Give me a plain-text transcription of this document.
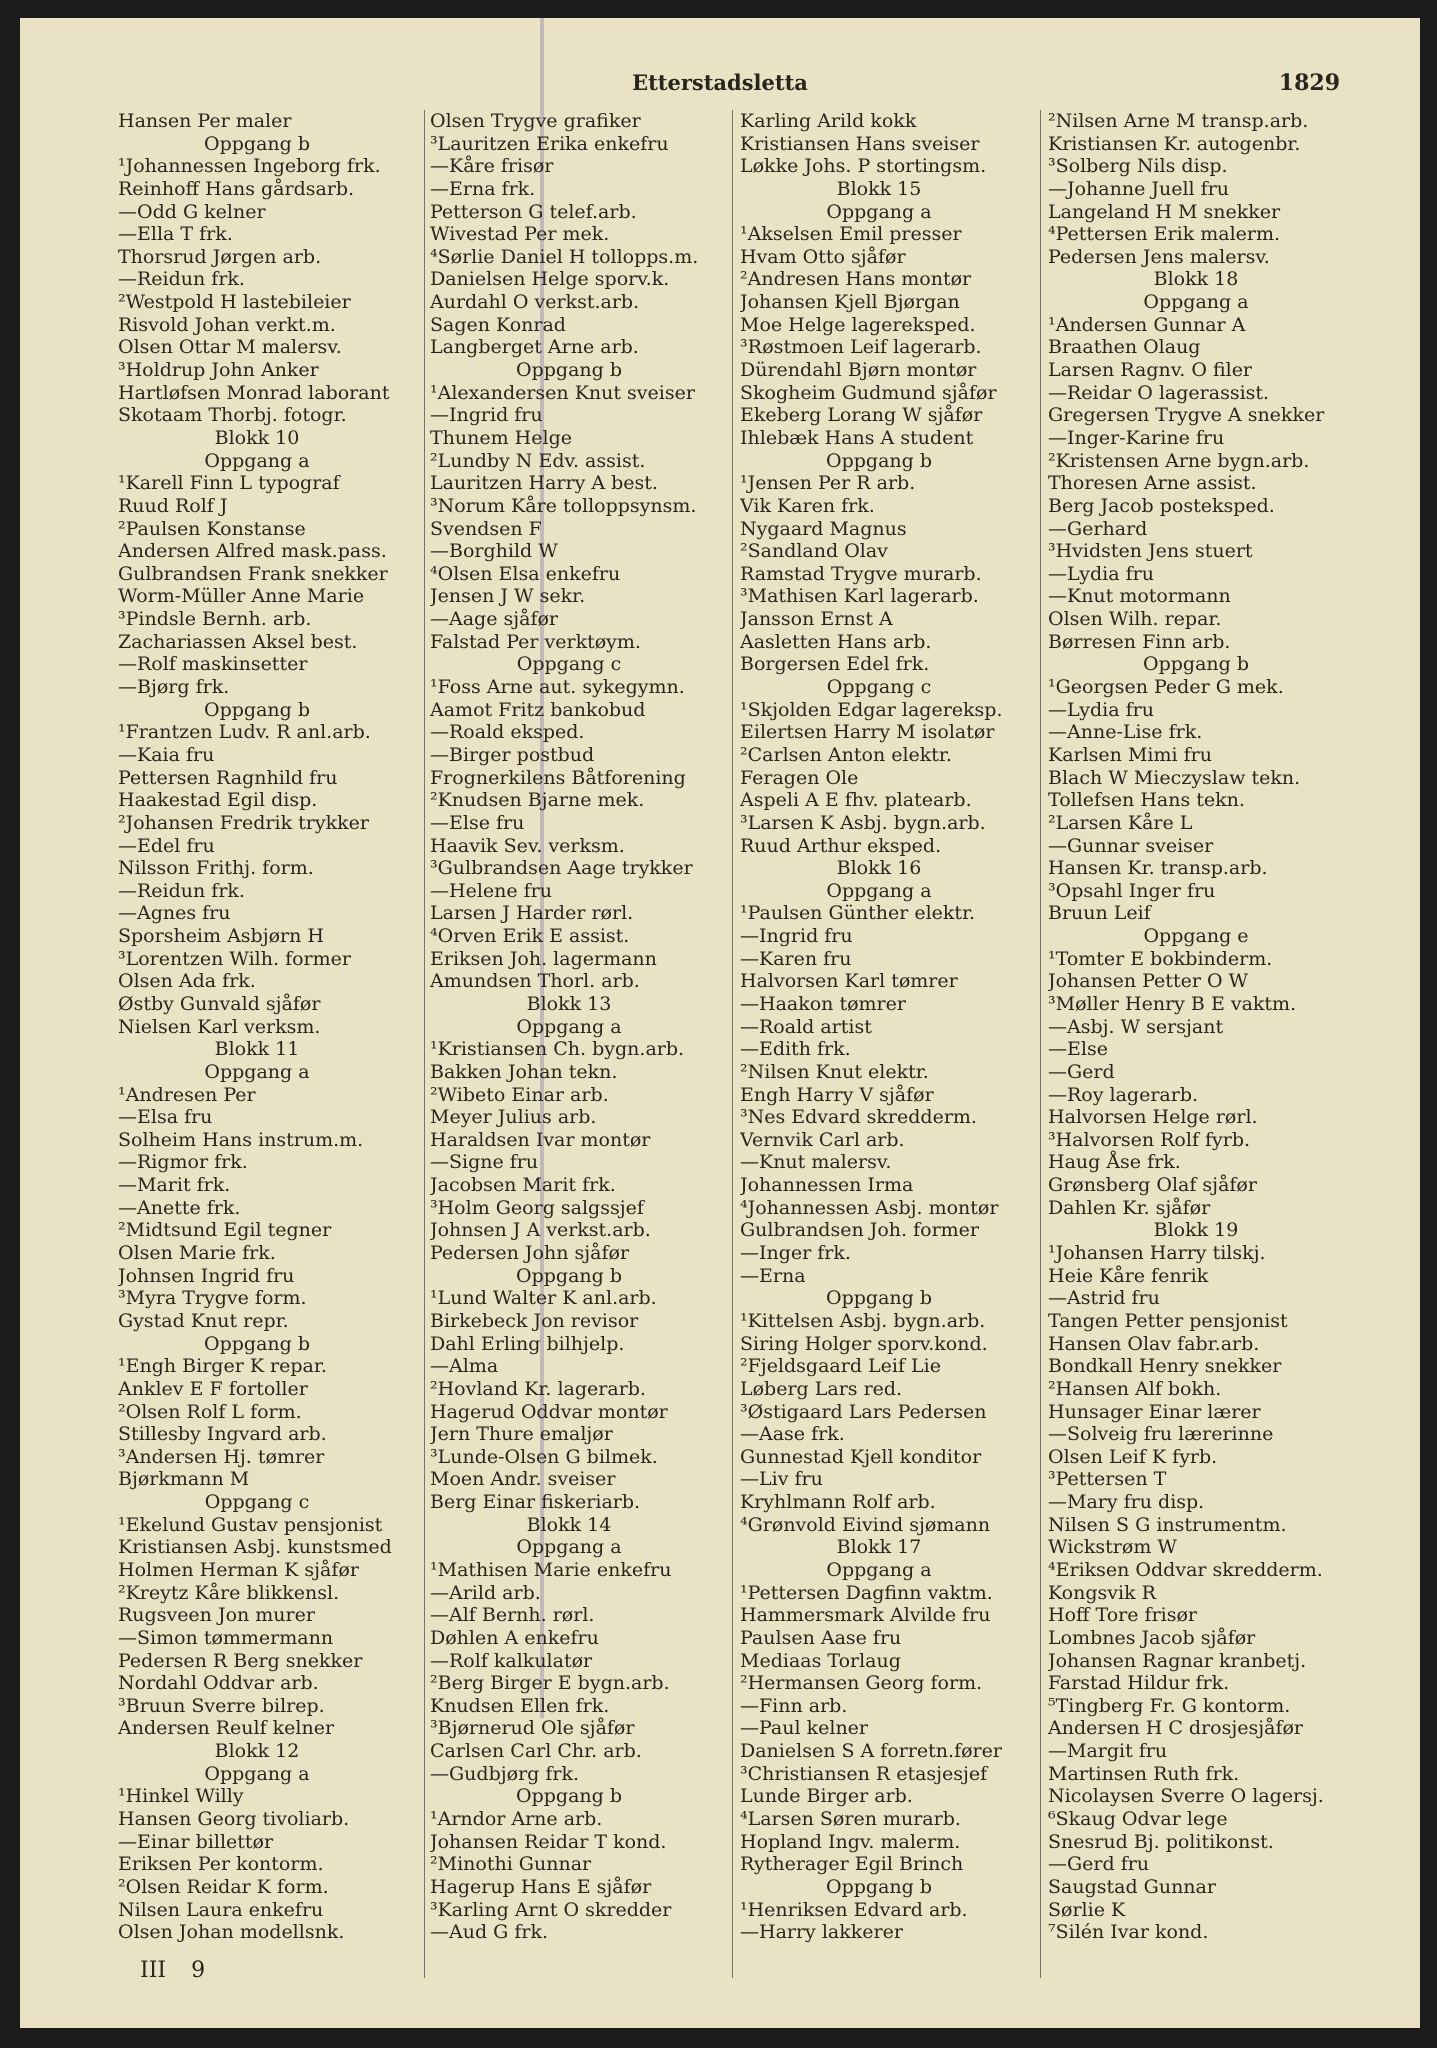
Etterstadsletta	1829
Hansen Per maler
Oppgang b
¹Johannessen Ingeborg frk.
Reinhoff Hans gårdsarb.
—Odd G kelner
—Ella T frk.
Thorsrud Jørgen arb.
—Reidun frk.
²Westpold H lastebileier
Risvold Johan verkt.m.
Olsen Ottar M malersv.
³Holdrup John Anker
Hartløfsen Monrad laborant
Skotaam Thorbj. fotogr.
Blokk 10
Oppgang a
¹Karell Finn L typograf
Ruud Rolf J
²Paulsen Konstanse
Andersen Alfred mask.pass.
Gulbrandsen Frank snekker
Worm-Müller Anne Marie
³Pindsle Bernh. arb.
Zachariassen Aksel best.
—Rolf maskinsetter
—Bjørg frk.
Oppgang b
¹Frantzen Ludv. R anl.arb.
—Kaia fru
Pettersen Ragnhild fru
Haakestad Egil disp.
²Johansen Fredrik trykker
—Edel fru
Nilsson Frithj. form.
—Reidun frk.
—Agnes fru
Sporsheim Asbjørn H
³Lorentzen Wilh. former
Olsen Ada frk.
Østby Gunvald sjåfør
Nielsen Karl verksm.
Blokk 11
Oppgang a
¹Andresen Per
—Elsa fru
Solheim Hans instrum.m.
—Rigmor frk.
—Marit frk.
—Anette frk.
²Midtsund Egil tegner
Olsen Marie frk.
Johnsen Ingrid fru
³Myra Trygve form.
Gystad Knut repr.
Oppgang b
¹Engh Birger K repar.
Anklev E F fortoller
²Olsen Rolf L form.
Stillesby Ingvard arb.
³Andersen Hj. tømrer
Bjørkmann M
Oppgang c
¹Ekelund Gustav pensjonist
Kristiansen Asbj. kunstsmed
Holmen Herman K sjåfør
²Kreytz Kåre blikkensl.
Rugsveen Jon murer
—Simon tømmermann
Pedersen R Berg snekker
Nordahl Oddvar arb.
³Bruun Sverre bilrep.
Andersen Reulf kelner
Blokk 12
Oppgang a
¹Hinkel Willy
Hansen Georg tivoliarb.
—Einar billettør
Eriksen Per kontorm.
²Olsen Reidar K form.
Nilsen Laura enkefru
Olsen Johan modellsnk.
Olsen Trygve grafiker
³Lauritzen Erika enkefru
—Kåre frisør
—Erna frk.
Petterson G telef.arb.
Wivestad Per mek.
⁴Sørlie Daniel H tollopps.m.
Danielsen Helge sporv.k.
Aurdahl O verkst.arb.
Sagen Konrad
Langberget Arne arb.
Oppgang b
¹Alexandersen Knut sveiser
—Ingrid fru
Thunem Helge
²Lundby N Edv. assist.
Lauritzen Harry A best.
³Norum Kåre tolloppsynsm.
Svendsen F
—Borghild W
⁴Olsen Elsa enkefru
Jensen J W sekr.
—Aage sjåfør
Falstad Per verktøym.
Oppgang c
¹Foss Arne aut. sykegymn.
Aamot Fritz bankobud
—Roald eksped.
—Birger postbud
Frognerkilens Båtforening
²Knudsen Bjarne mek.
—Else fru
Haavik Sev. verksm.
³Gulbrandsen Aage trykker
—Helene fru
Larsen J Harder rørl.
⁴Orven Erik E assist.
Eriksen Joh. lagermann
Amundsen Thorl. arb.
Blokk 13
Oppgang a
¹Kristiansen Ch. bygn.arb.
Bakken Johan tekn.
²Wibeto Einar arb.
Meyer Julius arb.
Haraldsen Ivar montør
—Signe fru
Jacobsen Marit frk.
³Holm Georg salgssjef
Johnsen J A verkst.arb.
Pedersen John sjåfør
Oppgang b
¹Lund Walter K anl.arb.
Birkebeck Jon revisor
Dahl Erling bilhjelp.
—Alma
²Hovland Kr. lagerarb.
Hagerud Oddvar montør
Jern Thure emaljør
³Lunde-Olsen G bilmek.
Moen Andr. sveiser
Berg Einar fiskeriarb.
Blokk 14
Oppgang a
¹Mathisen Marie enkefru
—Arild arb.
—Alf Bernh. rørl.
Døhlen A enkefru
—Rolf kalkulatør
²Berg Birger E bygn.arb.
Knudsen Ellen frk.
³Bjørnerud Ole sjåfør
Carlsen Carl Chr. arb.
—Gudbjørg frk.
Oppgang b
¹Arndor Arne arb.
Johansen Reidar T kond.
²Minothi Gunnar
Hagerup Hans E sjåfør
³Karling Arnt O skredder
—Aud G frk.
Karling Arild kokk
Kristiansen Hans sveiser
Løkke Johs. P stortingsm.
Blokk 15
Oppgang a
¹Akselsen Emil presser
Hvam Otto sjåfør
²Andresen Hans montør
Johansen Kjell Bjørgan
Moe Helge lagereksped.
³Røstmoen Leif lagerarb.
Dürendahl Bjørn montør
Skogheim Gudmund sjåfør
Ekeberg Lorang W sjåfør
Ihlebæk Hans A student
Oppgang b
¹Jensen Per R arb.
Vik Karen frk.
Nygaard Magnus
²Sandland Olav
Ramstad Trygve murarb.
³Mathisen Karl lagerarb.
Jansson Ernst A
Aasletten Hans arb.
Borgersen Edel frk.
Oppgang c
¹Skjolden Edgar lagereksp.
Eilertsen Harry M isolatør
²Carlsen Anton elektr.
Feragen Ole
Aspeli A E fhv. platearb.
³Larsen K Asbj. bygn.arb.
Ruud Arthur eksped.
Blokk 16
Oppgang a
¹Paulsen Günther elektr.
—Ingrid fru
—Karen fru
Halvorsen Karl tømrer
—Haakon tømrer
—Roald artist
—Edith frk.
²Nilsen Knut elektr.
Engh Harry V sjåfør
³Nes Edvard skredderm.
Vernvik Carl arb.
—Knut malersv.
Johannessen Irma
⁴Johannessen Asbj. montør
Gulbrandsen Joh. former
—Inger frk.
—Erna
Oppgang b
¹Kittelsen Asbj. bygn.arb.
Siring Holger sporv.kond.
²Fjeldsgaard Leif Lie
Løberg Lars red.
³Østigaard Lars Pedersen
—Aase frk.
Gunnestad Kjell konditor
—Liv fru
Kryhlmann Rolf arb.
⁴Grønvold Eivind sjømann
Blokk 17
Oppgang a
¹Pettersen Dagfinn vaktm.
Hammersmark Alvilde fru
Paulsen Aase fru
Mediaas Torlaug
²Hermansen Georg form.
—Finn arb.
—Paul kelner
Danielsen S A forretn.fører
³Christiansen R etasjesjef
Lunde Birger arb.
⁴Larsen Søren murarb.
Hopland Ingv. malerm.
Rytherager Egil Brinch
Oppgang b
¹Henriksen Edvard arb.
—Harry lakkerer
²Nilsen Arne M transp.arb.
Kristiansen Kr. autogenbr.
³Solberg Nils disp.
—Johanne Juell fru
Langeland H M snekker
⁴Pettersen Erik malerm.
Pedersen Jens malersv.
Blokk 18
Oppgang a
¹Andersen Gunnar A
Braathen Olaug
Larsen Ragnv. O filer
—Reidar O lagerassist.
Gregersen Trygve A snekker
—Inger-Karine fru
²Kristensen Arne bygn.arb.
Thoresen Arne assist.
Berg Jacob posteksped.
—Gerhard
³Hvidsten Jens stuert
—Lydia fru
—Knut motormann
Olsen Wilh. repar.
Børresen Finn arb.
Oppgang b
¹Georgsen Peder G mek.
—Lydia fru
—Anne-Lise frk.
Karlsen Mimi fru
Blach W Mieczyslaw tekn.
Tollefsen Hans tekn.
²Larsen Kåre L
—Gunnar sveiser
Hansen Kr. transp.arb.
³Opsahl Inger fru
Bruun Leif
Oppgang e
¹Tomter E bokbinderm.
Johansen Petter O W
³Møller Henry B E vaktm.
—Asbj. W sersjant
—Else
—Gerd
—Roy lagerarb.
Halvorsen Helge rørl.
³Halvorsen Rolf fyrb.
Haug Åse frk.
Grønsberg Olaf sjåfør
Dahlen Kr. sjåfør
Blokk 19
¹Johansen Harry tilskj.
Heie Kåre fenrik
—Astrid fru
Tangen Petter pensjonist
Hansen Olav fabr.arb.
Bondkall Henry snekker
²Hansen Alf bokh.
Hunsager Einar lærer
—Solveig fru lærerinne
Olsen Leif K fyrb.
³Pettersen T
—Mary fru disp.
Nilsen S G instrumentm.
Wickstrøm W
⁴Eriksen Oddvar skredderm.
Kongsvik R
Hoff Tore frisør
Lombnes Jacob sjåfør
Johansen Ragnar kranbetj.
Farstad Hildur frk.
⁵Tingberg Fr. G kontorm.
Andersen H C drosjesjåfør
—Margit fru
Martinsen Ruth frk.
Nicolaysen Sverre O lagersj.
⁶Skaug Odvar lege
Snesrud Bj. politikonst.
—Gerd fru
Saugstad Gunnar
Sørlie K
⁷Silén Ivar kond.
III 9
